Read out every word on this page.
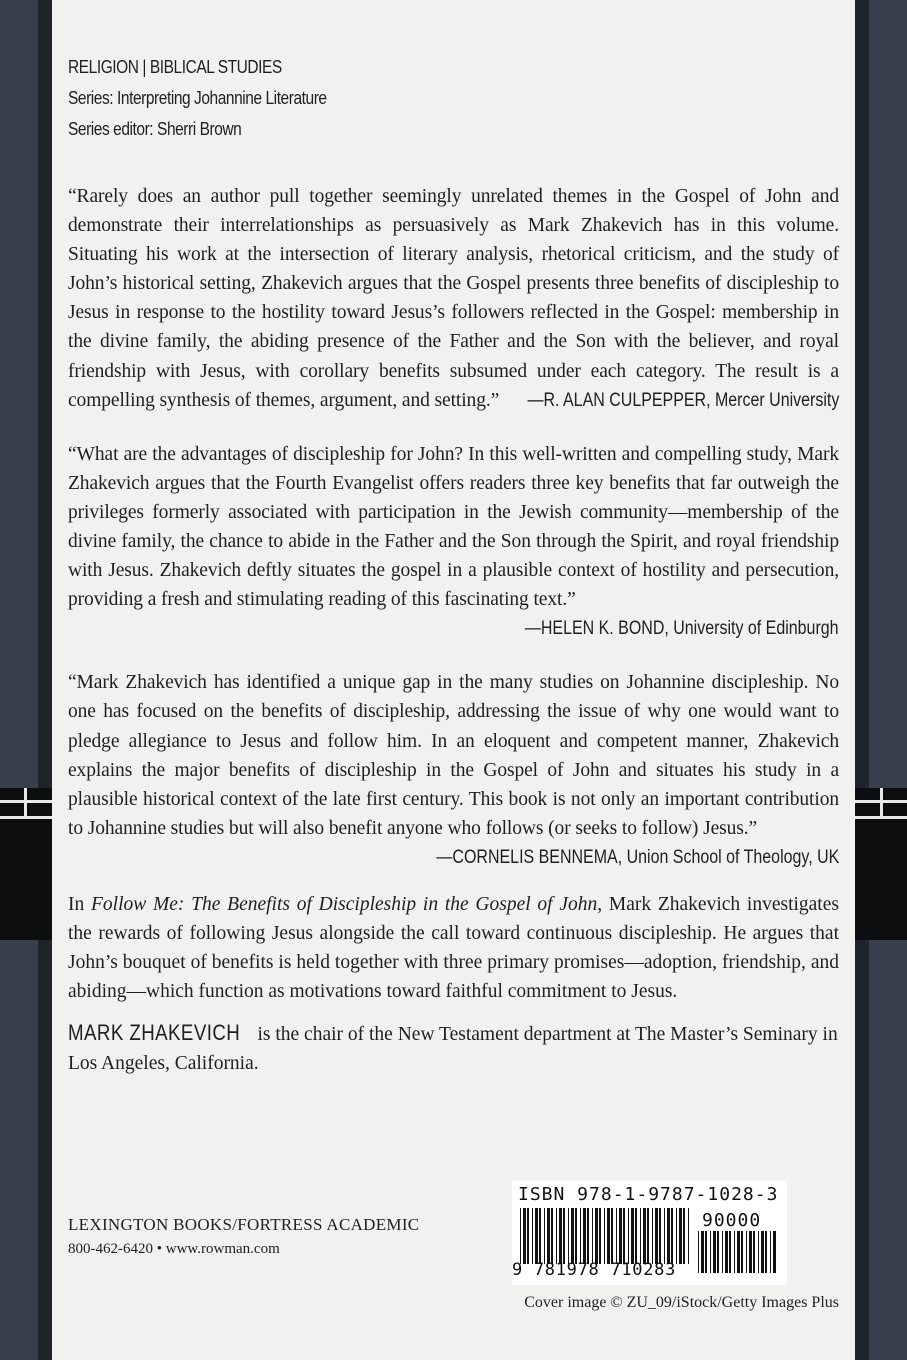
RELIGION | BIBLICAL STUDIES
Series: Interpreting Johannine Literature
Series editor: Sherri Brown
“Rarely does an author pull together seemingly unrelated themes in the Gospel of John and demonstrate their interrelationships as persuasively as Mark Zhakevich has in this volume. Situating his work at the intersection of literary analysis, rhetorical criticism, and the study of John’s historical setting, Zhakevich argues that the Gospel presents three benefits of discipleship to Jesus in response to the hostility toward Jesus’s followers reflected in the Gospel: membership in the divine family, the abiding presence of the Father and the Son with the believer, and royal friendship with Jesus, with corollary benefits subsumed under each category. The result is a compelling synthesis of themes, argument, and setting.”	—R. ALAN CULPEPPER, Mercer University
“What are the advantages of discipleship for John? In this well-written and compelling study, Mark Zhakevich argues that the Fourth Evangelist offers readers three key benefits that far outweigh the privileges formerly associated with participation in the Jewish community—membership of the divine family, the chance to abide in the Father and the Son through the Spirit, and royal friendship with Jesus. Zhakevich deftly situates the gospel in a plausible context of hostility and persecution, providing a fresh and stimulating reading of this fascinating text.”
—HELEN K. BOND, University of Edinburgh
“Mark Zhakevich has identified a unique gap in the many studies on Johannine discipleship. No one has focused on the benefits of discipleship, addressing the issue of why one would want to pledge allegiance to Jesus and follow him. In an eloquent and competent manner, Zhakevich explains the major benefits of discipleship in the Gospel of John and situates his study in a plausible historical context of the late first century. This book is not only an important contribution to Johannine studies but will also benefit anyone who follows (or seeks to follow) Jesus.”
—CORNELIS BENNEMA, Union School of Theology, UK
In Follow Me: The Benefits of Discipleship in the Gospel of John, Mark Zhakevich investigates the rewards of following Jesus alongside the call toward continuous discipleship. He argues that John’s bouquet of benefits is held together with three primary promises—adoption, friendship, and abiding—which function as motivations toward faithful commitment to Jesus.
MARK ZHAKEVICH is the chair of the New Testament department at The Master’s Seminary in Los Angeles, California.
LEXINGTON BOOKS/FORTRESS ACADEMIC
800-462-6420 • www.rowman.com
ISBN 978-1-9787-1028-3
90000
9 781978 710283
Cover image © ZU_09/iStock/Getty Images Plus
